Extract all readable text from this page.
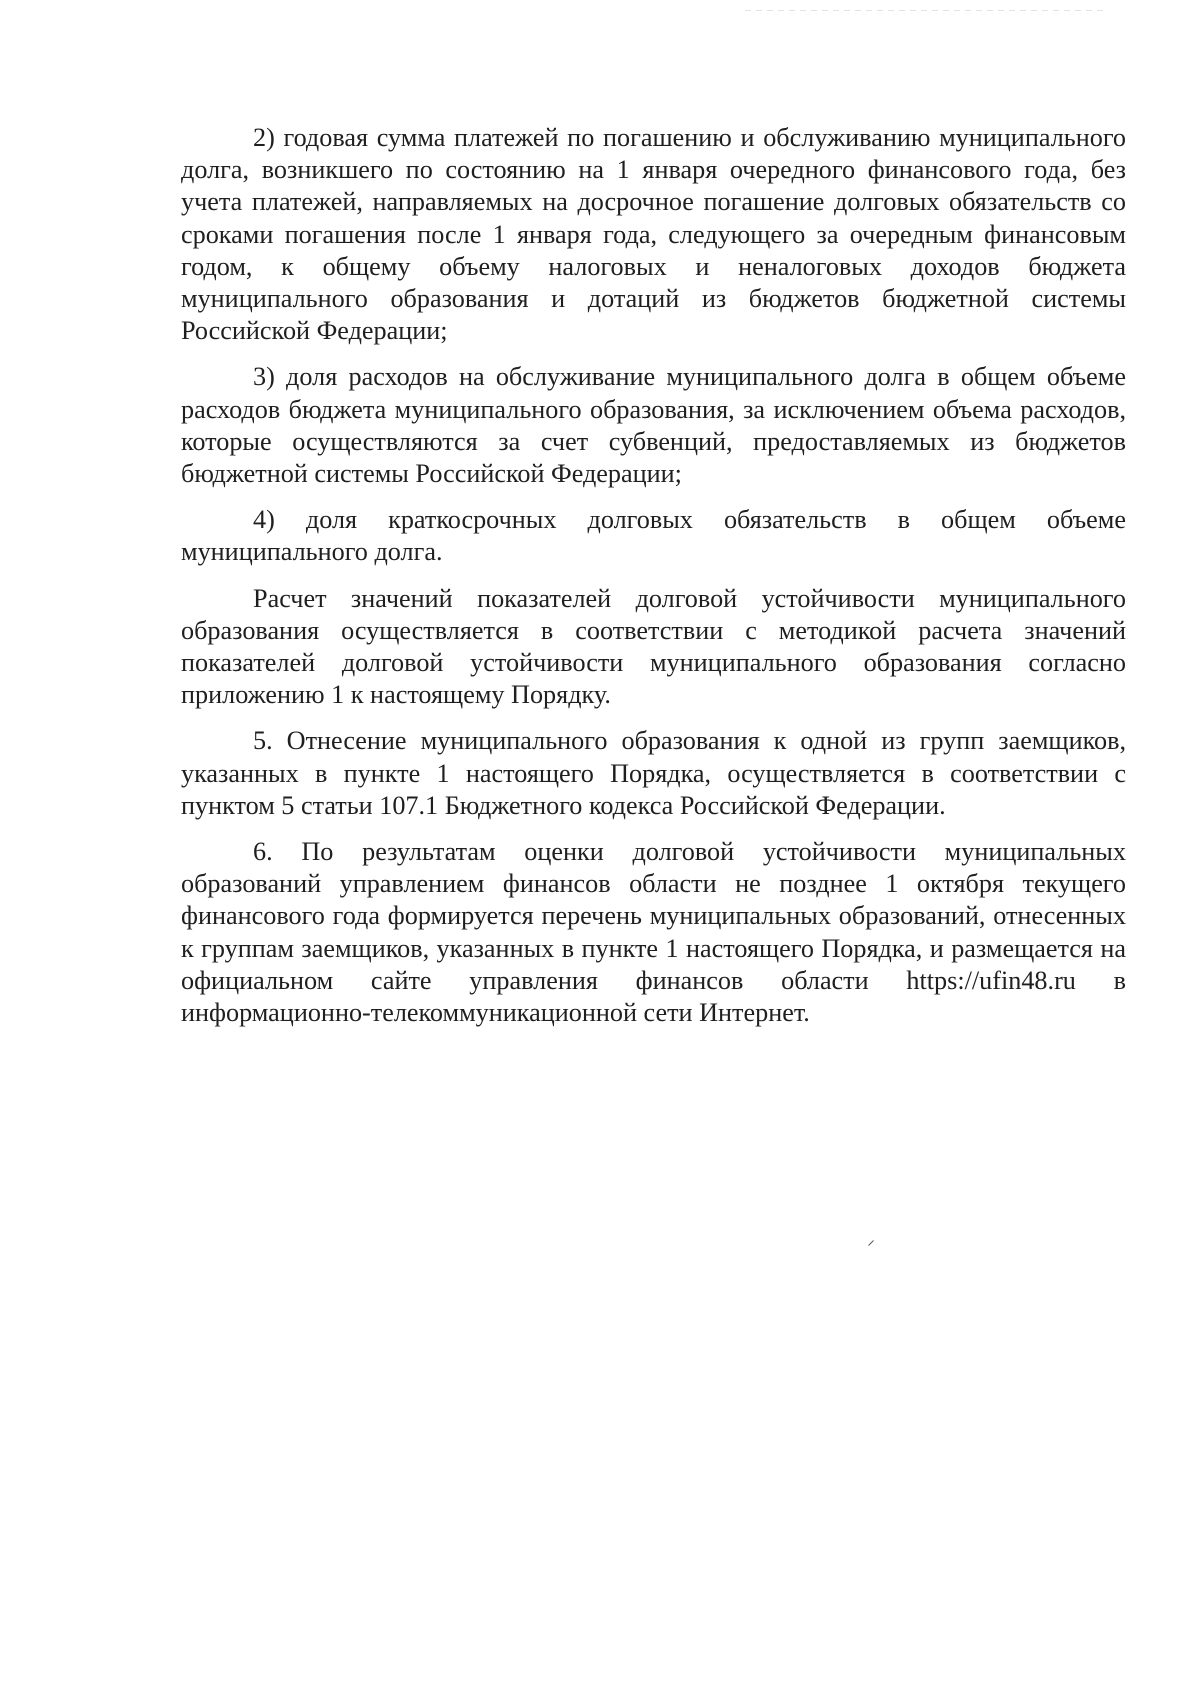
2) годовая сумма платежей по погашению и обслуживанию муниципального долга, возникшего по состоянию на 1 января очередного финансового года, без учета платежей, направляемых на досрочное погашение долговых обязательств со сроками погашения после 1 января года, следующего за очередным финансовым годом, к общему объему налоговых и неналоговых доходов бюджета муниципального образования и дотаций из бюджетов бюджетной системы Российской Федерации;

3) доля расходов на обслуживание муниципального долга в общем объеме расходов бюджета муниципального образования, за исключением объема расходов, которые осуществляются за счет субвенций, предоставляемых из бюджетов бюджетной системы Российской Федерации;

4) доля краткосрочных долговых обязательств в общем объеме муниципального долга.

Расчет значений показателей долговой устойчивости муниципального образования осуществляется в соответствии с методикой расчета значений показателей долговой устойчивости муниципального образования согласно приложению 1 к настоящему Порядку.

5. Отнесение муниципального образования к одной из групп заемщиков, указанных в пункте 1 настоящего Порядка, осуществляется в соответствии с пунктом 5 статьи 107.1 Бюджетного кодекса Российской Федерации.

6. По результатам оценки долговой устойчивости муниципальных образований управлением финансов области не позднее 1 октября текущего финансового года формируется перечень муниципальных образований, отнесенных к группам заемщиков, указанных в пункте 1 настоящего Порядка, и размещается на официальном сайте управления финансов области https://ufin48.ru в информационно-телекоммуникационной сети Интернет.
